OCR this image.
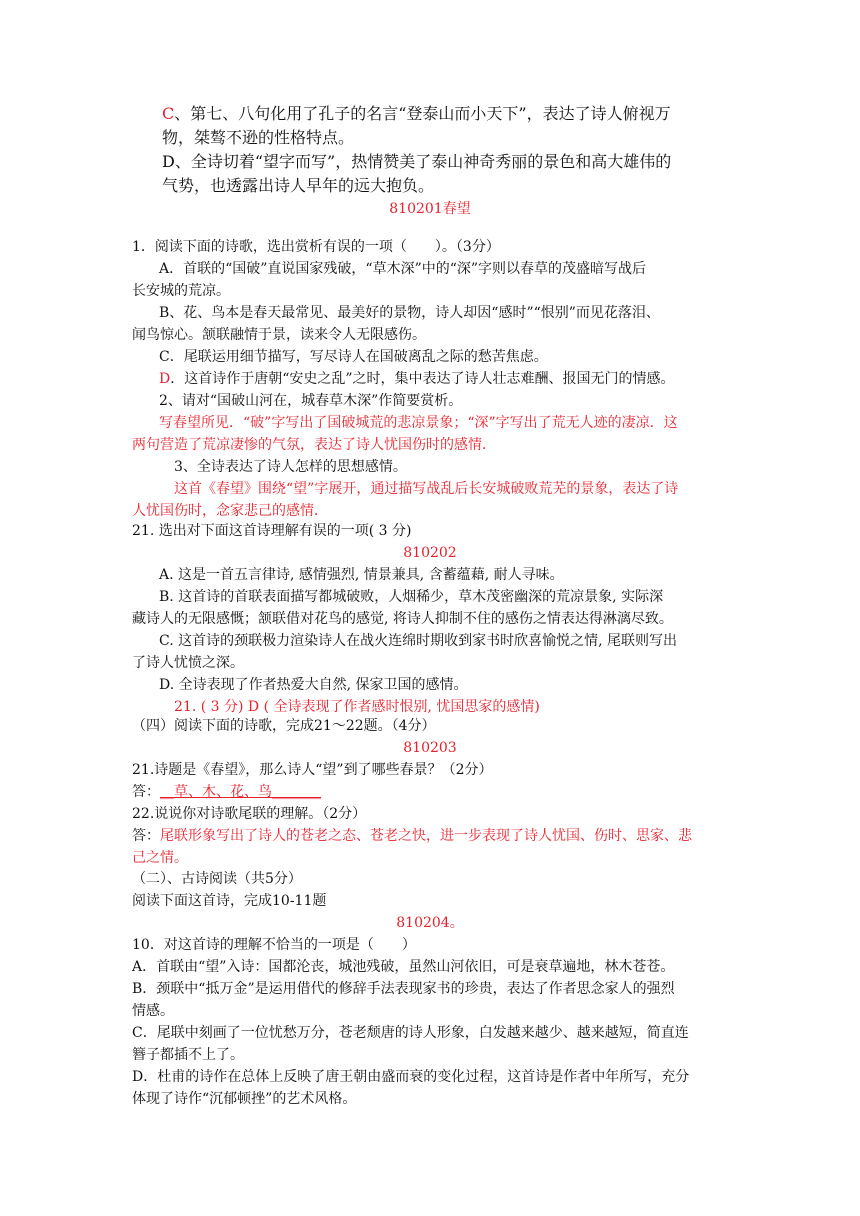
C、第七、八句化用了孔子的名言“登泰山而小天下”，表达了诗人俯视万
物，桀骜不逊的性格特点。
D、全诗切着“望字而写”，热情赞美了泰山神奇秀丽的景色和高大雄伟的
气势，也透露出诗人早年的远大抱负。
810201春望
1．阅读下面的诗歌，选出赏析有误的一项（　　）。（3分）
A．首联的“国破”直说国家残破，“草木深”中的“深”字则以春草的茂盛暗写战后
长安城的荒凉。
B、花、鸟本是春天最常见、最美好的景物，诗人却因“感时”“恨别”而见花落泪、
闻鸟惊心。颔联融情于景，读来令人无限感伤。
C．尾联运用细节描写，写尽诗人在国破离乱之际的愁苦焦虑。
D．这首诗作于唐朝“安史之乱”之时，集中表达了诗人壮志难酬、报国无门的情感。
2、请对“国破山河在，城春草木深”作简要赏析。
写春望所见．“破”字写出了国破城荒的悲凉景象；“深”字写出了荒无人迹的凄凉．这
两句营造了荒凉凄惨的气氛，表达了诗人忧国伤时的感情．
3、全诗表达了诗人怎样的思想感情。
这首《春望》围绕“望”字展开，通过描写战乱后长安城破败荒芜的景象，表达了诗
人忧国伤时，念家悲己的感情．
21. 选出对下面这首诗理解有误的一项( 3 分)
810202
A. 这是一首五言律诗, 感情强烈, 情景兼具, 含蓄蕴藉, 耐人寻味。
B. 这首诗的首联表面描写都城破败，人烟稀少，草木茂密幽深的荒凉景象, 实际深
藏诗人的无限感慨；颔联借对花鸟的感觉, 将诗人抑制不住的感伤之情表达得淋漓尽致。
C. 这首诗的颈联极力渲染诗人在战火连绵时期收到家书时欣喜愉悦之情, 尾联则写出
了诗人忧愤之深。
D. 全诗表现了作者热爱大自然, 保家卫国的感情。
21. ( 3 分) D ( 全诗表现了作者感时恨别, 忧国思家的感情)
（四）阅读下面的诗歌，完成21～22题。（4分）
810203
21.诗题是《春望》，那么诗人“望”到了哪些春景？（2分）
答：__草、木、花、鸟_______
22.说说你对诗歌尾联的理解。（2分）
答：尾联形象写出了诗人的苍老之态、苍老之快，进一步表现了诗人忧国、伤时、思家、悲
己之情。
（二）、古诗阅读（共5分）
阅读下面这首诗，完成10-11题
810204。
10．对这首诗的理解不恰当的一项是（　　）
A．首联由“望”入诗：国都沦丧，城池残破，虽然山河依旧，可是衰草遍地，林木苍苍。
B．颈联中“抵万金”是运用借代的修辞手法表现家书的珍贵，表达了作者思念家人的强烈
情感。
C．尾联中刻画了一位忧愁万分，苍老颓唐的诗人形象，白发越来越少、越来越短，简直连
簪子都插不上了。
D．杜甫的诗作在总体上反映了唐王朝由盛而衰的变化过程，这首诗是作者中年所写，充分
体现了诗作“沉郁顿挫”的艺术风格。
